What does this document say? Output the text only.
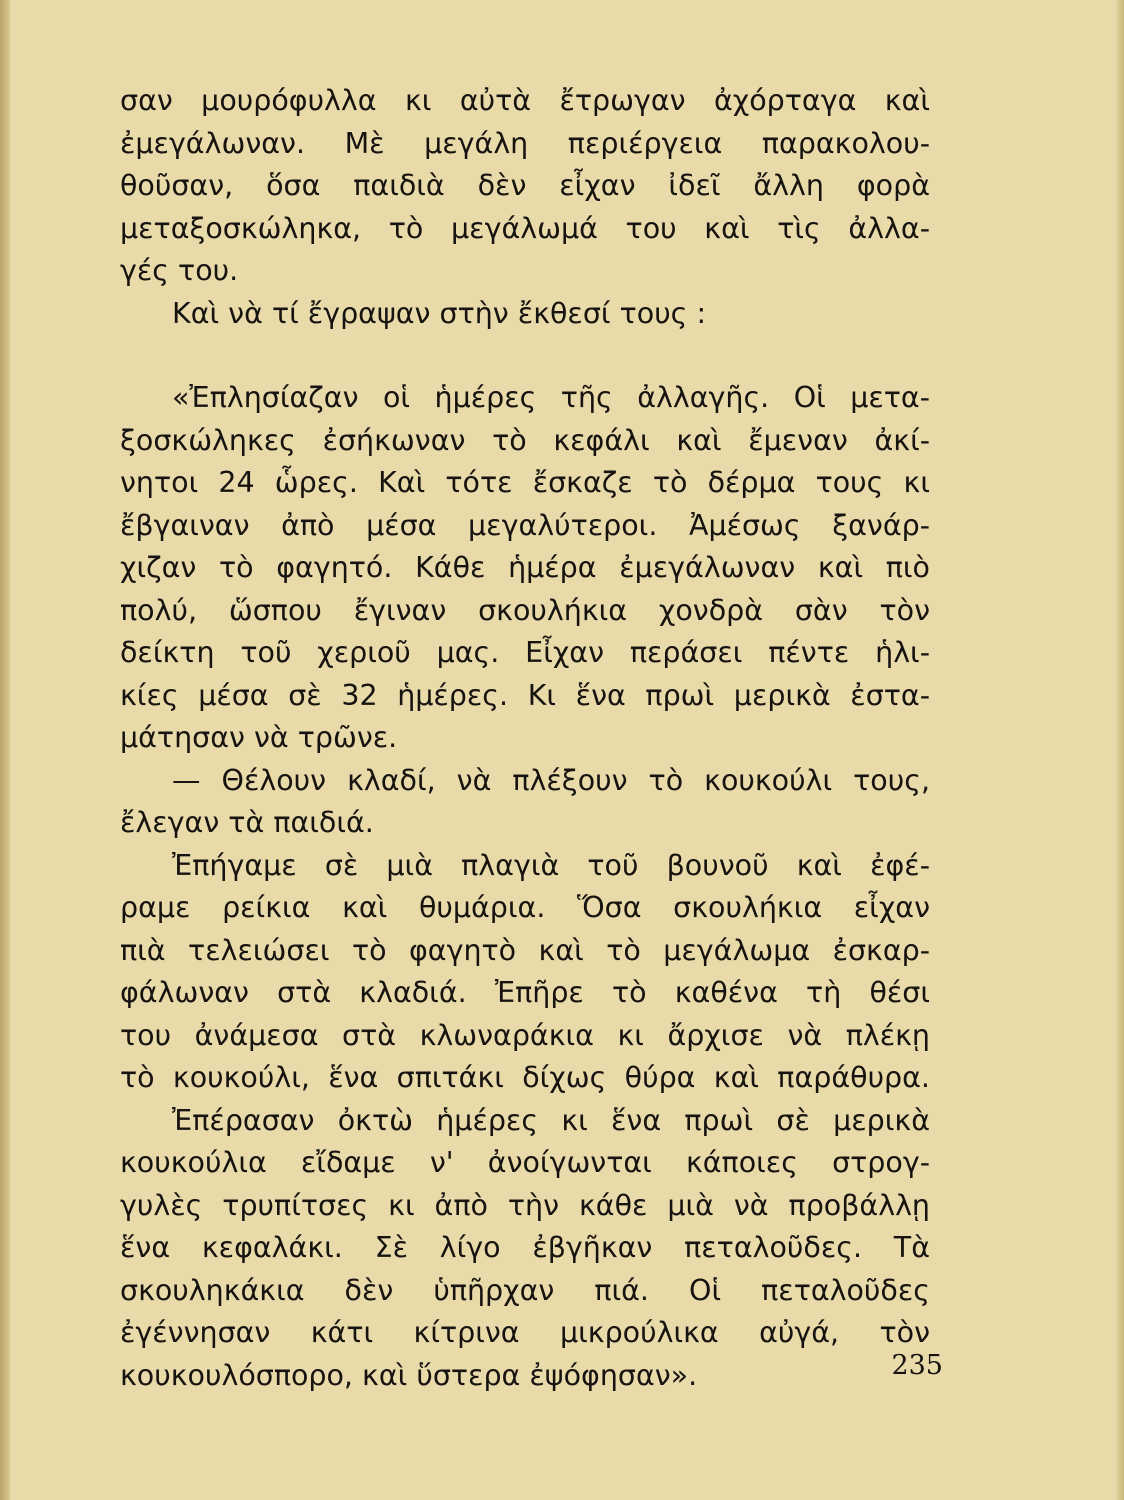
σαν μουρόφυλλα κι αὐτὰ ἔτρωγαν ἀχόρταγα καὶ
ἐμεγάλωναν. Μὲ μεγάλη περιέργεια παρακολου-
θοῦσαν, ὅσα παιδιὰ δὲν εἶχαν ἰδεῖ ἄλλη φορὰ
μεταξοσκώληκα, τὸ μεγάλωμά του καὶ τὶς ἀλλα-
γές του.
Καὶ νὰ τί ἔγραψαν στὴν ἔκθεσί τους :
«Ἐπλησίαζαν οἱ ἡμέρες τῆς ἀλλαγῆς. Οἱ μετα-
ξοσκώληκες ἐσήκωναν τὸ κεφάλι καὶ ἔμεναν ἀκί-
νητοι 24 ὧρες. Καὶ τότε ἔσκαζε τὸ δέρμα τους κι
ἔβγαιναν ἀπὸ μέσα μεγαλύτεροι. Ἀμέσως ξανάρ-
χιζαν τὸ φαγητό. Κάθε ἡμέρα ἐμεγάλωναν καὶ πιὸ
πολύ, ὥσπου ἔγιναν σκουλήκια χονδρὰ σὰν τὸν
δείκτη τοῦ χεριοῦ μας. Εἶχαν περάσει πέντε ἡλι-
κίες μέσα σὲ 32 ἡμέρες. Κι ἕνα πρωὶ μερικὰ ἐστα-
μάτησαν νὰ τρῶνε.
— Θέλουν κλαδί, νὰ πλέξουν τὸ κουκούλι τους,
ἔλεγαν τὰ παιδιά.
Ἐπήγαμε σὲ μιὰ πλαγιὰ τοῦ βουνοῦ καὶ ἐφέ-
ραμε ρείκια καὶ θυμάρια. Ὅσα σκουλήκια εἶχαν
πιὰ τελειώσει τὸ φαγητὸ καὶ τὸ μεγάλωμα ἐσκαρ-
φάλωναν στὰ κλαδιά. Ἐπῆρε τὸ καθένα τὴ θέσι
του ἀνάμεσα στὰ κλωναράκια κι ἄρχισε νὰ πλέκῃ
τὸ κουκούλι, ἕνα σπιτάκι δίχως θύρα καὶ παράθυρα.
Ἐπέρασαν ὀκτὼ ἡμέρες κι ἕνα πρωὶ σὲ μερικὰ
κουκούλια εἴδαμε ν' ἀνοίγωνται κάποιες στρογ-
γυλὲς τρυπίτσες κι ἀπὸ τὴν κάθε μιὰ νὰ προβάλλῃ
ἕνα κεφαλάκι. Σὲ λίγο ἐβγῆκαν πεταλοῦδες. Τὰ
σκουληκάκια δὲν ὑπῆρχαν πιά. Οἱ πεταλοῦδες
ἐγέννησαν κάτι κίτρινα μικρούλικα αὐγά, τὸν
κουκουλόσπορο, καὶ ὕστερα ἐψόφησαν».	235
